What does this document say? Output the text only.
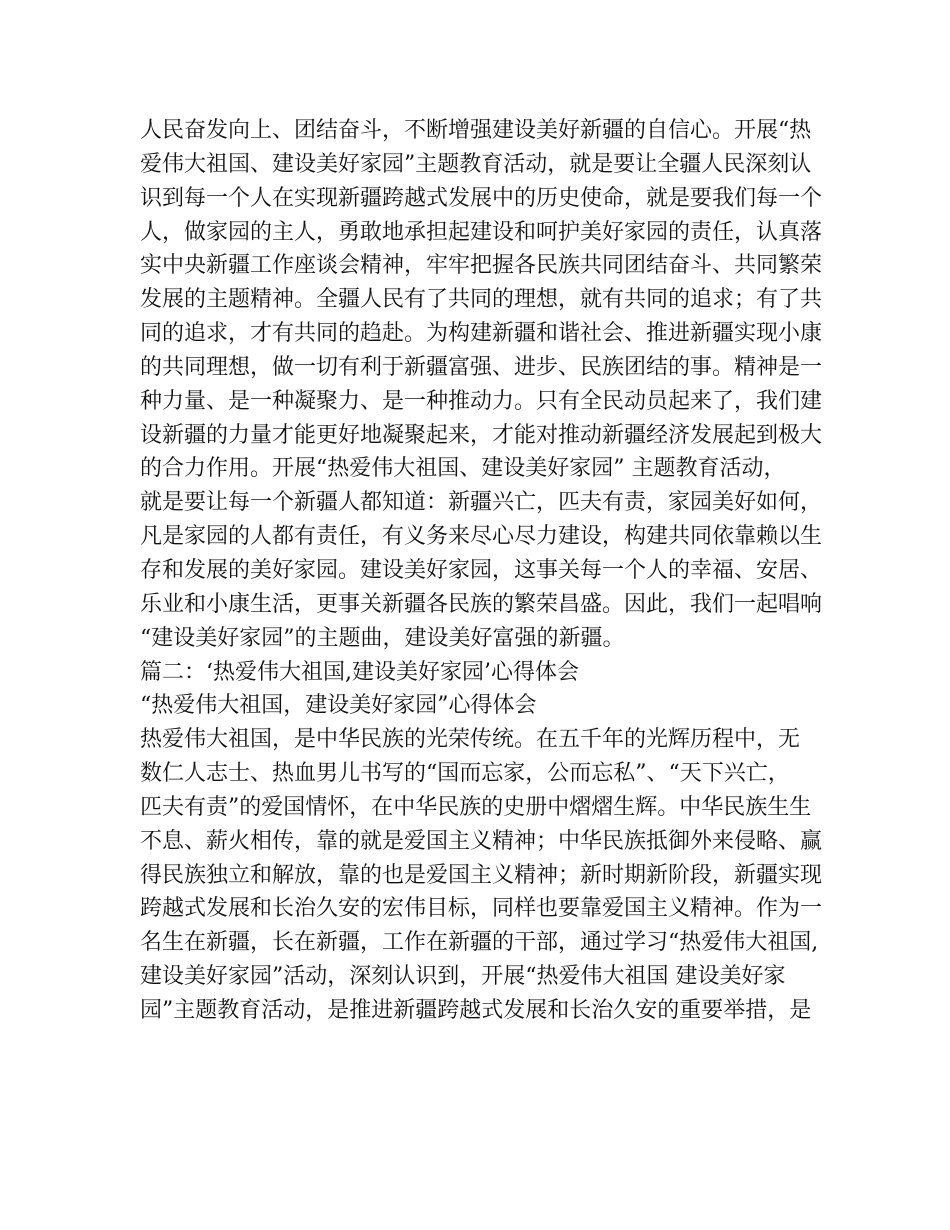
人民奋发向上、团结奋斗，不断增强建设美好新疆的自信心。开展“热
爱伟大祖国、建设美好家园”主题教育活动，就是要让全疆人民深刻认
识到每一个人在实现新疆跨越式发展中的历史使命，就是要我们每一个
人，做家园的主人，勇敢地承担起建设和呵护美好家园的责任，认真落
实中央新疆工作座谈会精神，牢牢把握各民族共同团结奋斗、共同繁荣
发展的主题精神。全疆人民有了共同的理想，就有共同的追求；有了共
同的追求，才有共同的趋赴。为构建新疆和谐社会、推进新疆实现小康
的共同理想，做一切有利于新疆富强、进步、民族团结的事。精神是一
种力量、是一种凝聚力、是一种推动力。只有全民动员起来了，我们建
设新疆的力量才能更好地凝聚起来，才能对推动新疆经济发展起到极大
的合力作用。开展“热爱伟大祖国、建设美好家园” 主题教育活动，
就是要让每一个新疆人都知道：新疆兴亡，匹夫有责，家园美好如何，
凡是家园的人都有责任，有义务来尽心尽力建设，构建共同依靠赖以生
存和发展的美好家园。建设美好家园，这事关每一个人的幸福、安居、
乐业和小康生活，更事关新疆各民族的繁荣昌盛。因此，我们一起唱响
“建设美好家园”的主题曲，建设美好富强的新疆。
篇二：‘热爱伟大祖国,建设美好家园’心得体会
“热爱伟大祖国，建设美好家园”心得体会
热爱伟大祖国，是中华民族的光荣传统。在五千年的光辉历程中，无
数仁人志士、热血男儿书写的“国而忘家，公而忘私”、“天下兴亡，
匹夫有责”的爱国情怀，在中华民族的史册中熠熠生辉。中华民族生生
不息、薪火相传，靠的就是爱国主义精神；中华民族抵御外来侵略、赢
得民族独立和解放，靠的也是爱国主义精神；新时期新阶段，新疆实现
跨越式发展和长治久安的宏伟目标，同样也要靠爱国主义精神。作为一
名生在新疆，长在新疆，工作在新疆的干部，通过学习“热爱伟大祖国,
建设美好家园”活动，深刻认识到，开展“热爱伟大祖国 建设美好家
园”主题教育活动，是推进新疆跨越式发展和长治久安的重要举措，是
